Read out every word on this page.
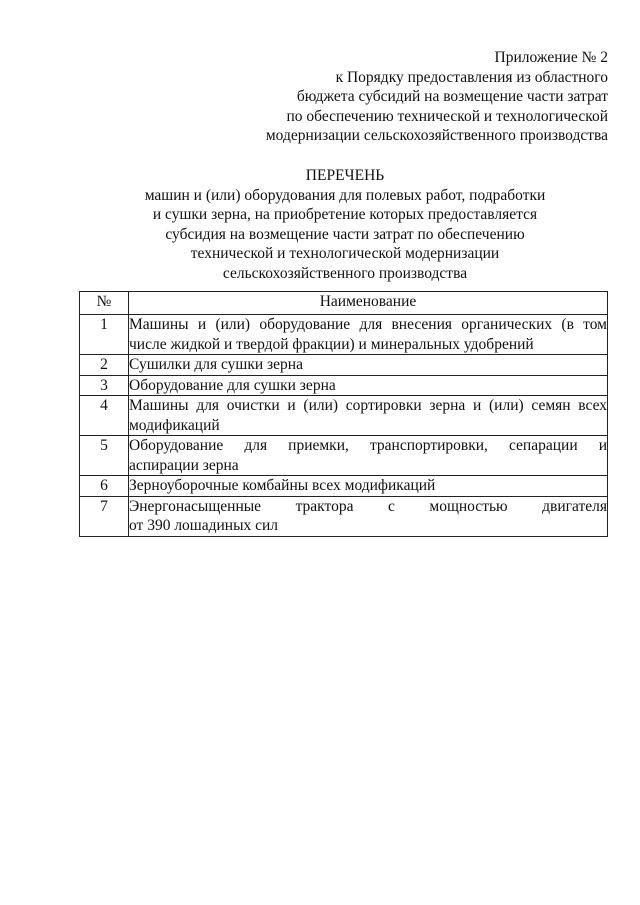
Приложение № 2
к Порядку предоставления из областного
бюджета субсидий на возмещение части затрат
по обеспечению технической и технологической
модернизации сельскохозяйственного производства
ПЕРЕЧЕНЬ
машин и (или) оборудования для полевых работ, подработки
и сушки зерна, на приобретение которых предоставляется
субсидия на возмещение части затрат по обеспечению
технической и технологической модернизации
сельскохозяйственного производства
№	Наименование
1	Машины и (или) оборудование для внесения органических (в том
числе жидкой и твердой фракции) и минеральных удобрений

2	Сушилки для сушки зерна

3	Оборудование для сушки зерна

4	Машины для очистки и (или) сортировки зерна и (или) семян всех
модификаций

5	Оборудование для приемки, транспортировки, сепарации и
аспирации зерна

6	Зерноуборочные комбайны всех модификаций

7	Энергонасыщенные трактора с мощностью двигателя
от 390 лошадиных сил
